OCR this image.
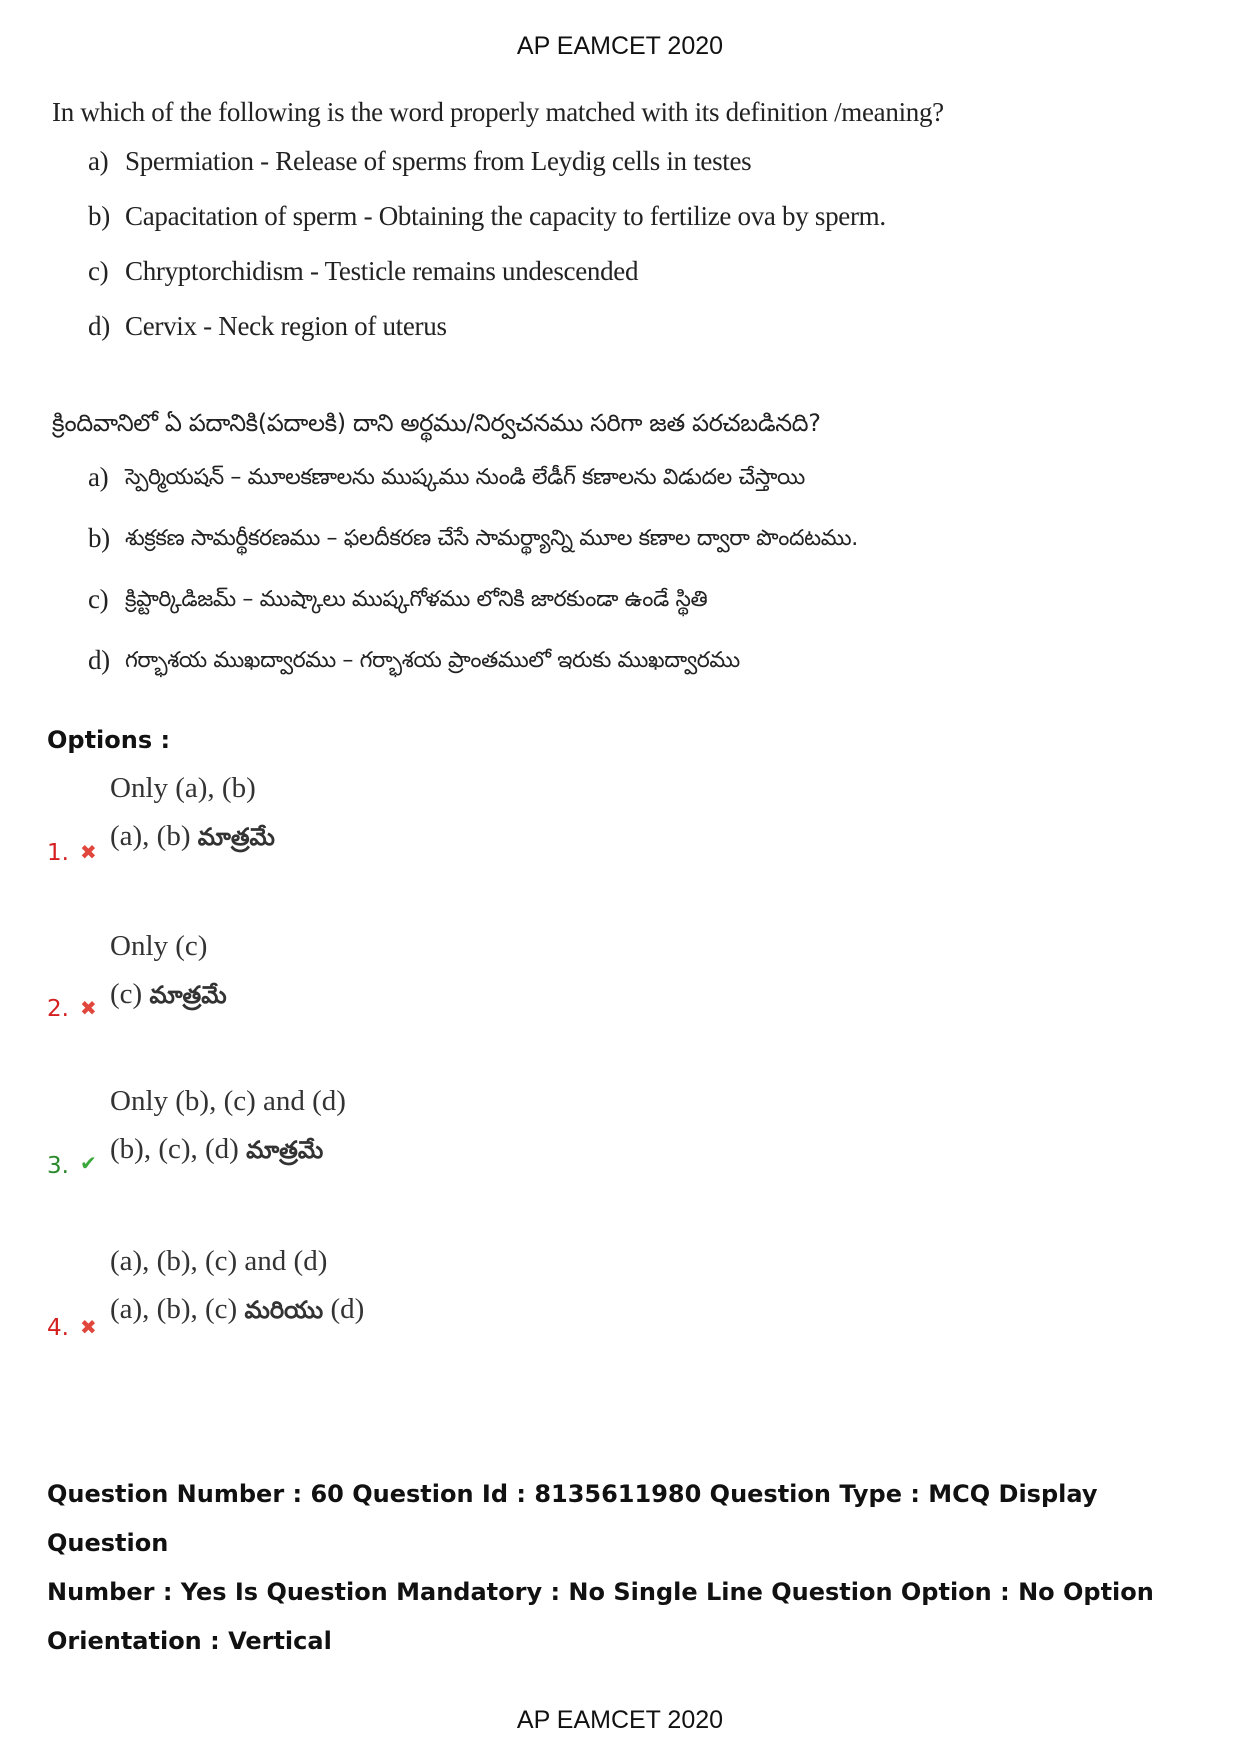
AP EAMCET 2020
In which of the following is the word properly matched with its definition /meaning?
a) Spermiation - Release of sperms from Leydig cells in testes
b) Capacitation of sperm - Obtaining the capacity to fertilize ova by sperm.
c) Chryptorchidism - Testicle remains undescended
d) Cervix - Neck region of uterus
క్రిందివానిలో ఏ పదానికి(పదాలకి) దాని అర్థము/నిర్వచనము సరిగా జత పరచబడినది?
a) స్పెర్మియషన్ – మూలకణాలను ముష్కము నుండి లేడీగ్ కణాలను విడుదల చేస్తాయి
b) శుక్రకణ సామర్థీకరణము – ఫలదీకరణ చేసే సామర్థ్యాన్ని మూల కణాల ద్వారా పొందటము.
c) క్రిప్టార్కిడిజమ్ – ముష్కాలు ముష్కగోళము లోనికి జారకుండా ఉండే స్థితి
d) గర్భాశయ ముఖద్వారము – గర్భాశయ ప్రాంతములో ఇరుకు ముఖద్వారము
Options :
Only (a), (b)
(a), (b) మాత్రమే
1. ✖
Only (c)
(c) మాత్రమే
2. ✖
Only (b), (c) and (d)
(b), (c), (d) మాత్రమే
3. ✔
(a), (b), (c) and (d)
(a), (b), (c) మరియు (d)
4. ✖
Question Number : 60 Question Id : 8135611980 Question Type : MCQ Display Question
Number : Yes Is Question Mandatory : No Single Line Question Option : No Option
Orientation : Vertical
AP EAMCET 2020
